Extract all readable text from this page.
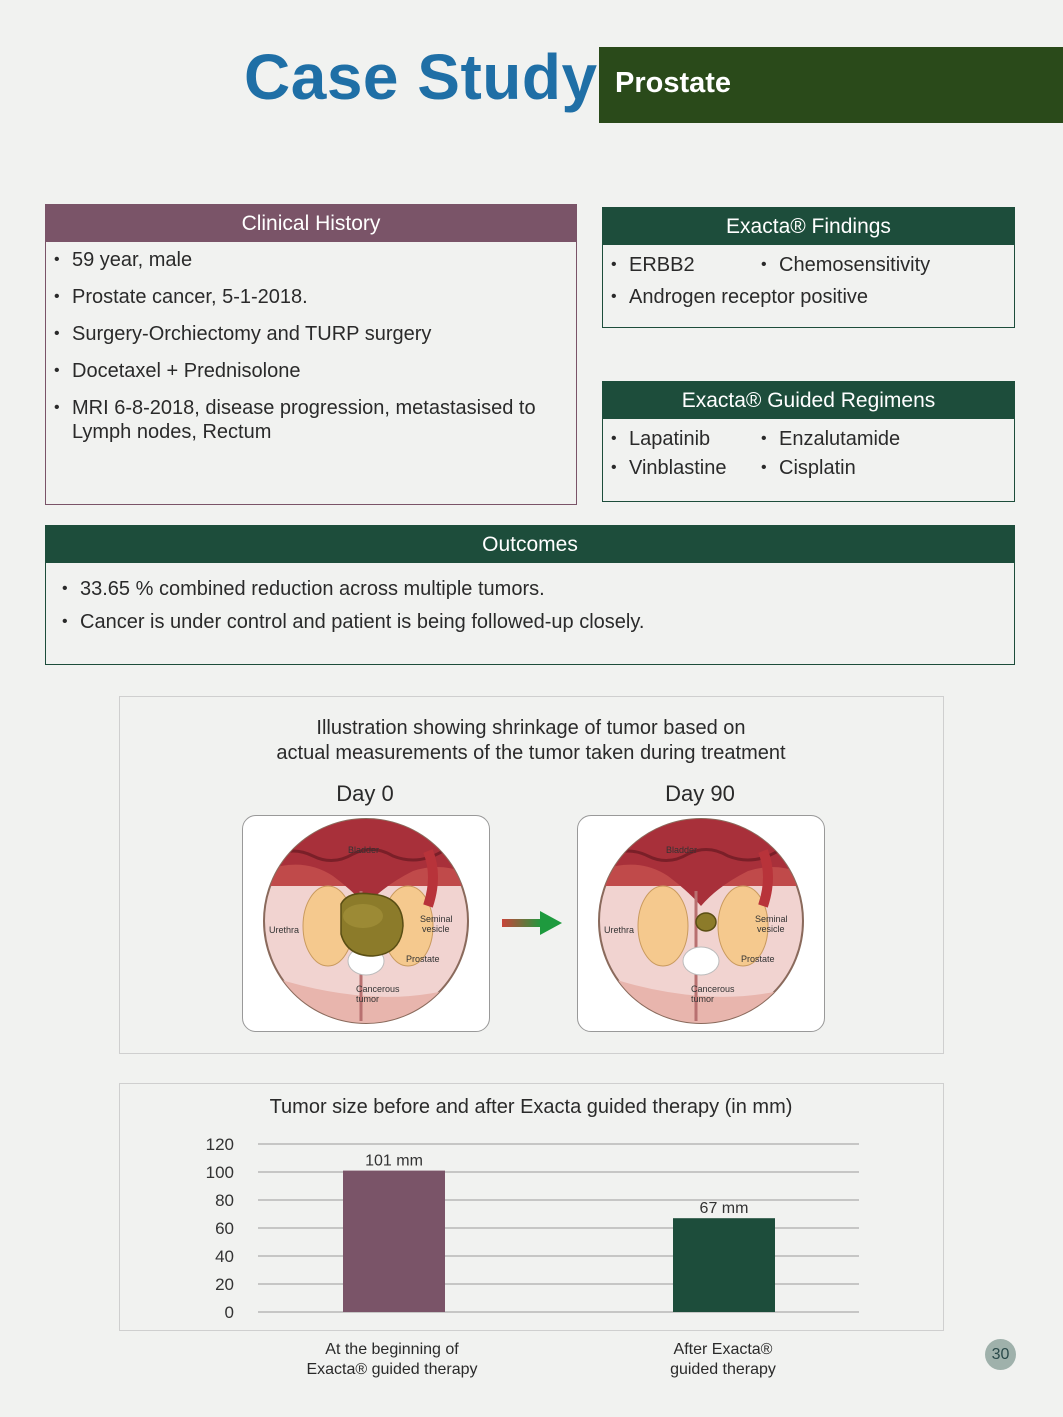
Case Study Prostate
Clinical History
• 59 year, male
• Prostate cancer, 5-1-2018.
• Surgery-Orchiectomy and TURP surgery
• Docetaxel + Prednisolone
• MRI 6-8-2018, disease progression, metastasised to Lymph nodes, Rectum
Exacta® Findings
• ERBB2	• Chemosensitivity
• Androgen receptor positive
Exacta® Guided Regimens
• Lapatinib	• Enzalutamide
• Vinblastine	• Cisplatin
Outcomes
• 33.65 % combined reduction across multiple tumors.
• Cancer is under control and patient is being followed-up closely.
Illustration showing shrinkage of tumor based on
actual measurements of the tumor taken during treatment
Day 0	Day 90
Bladder
Urethra
Seminal
vesicle
Prostate
Cancerous
tumor
Bladder
Urethra
Seminal
vesicle
Prostate
Cancerous
tumor
Tumor size before and after Exacta guided therapy (in mm)
0
20
40
60
80
100
120
101 mm
67 mm
At the beginning of
Exacta® guided therapy
After Exacta®
guided therapy
30
